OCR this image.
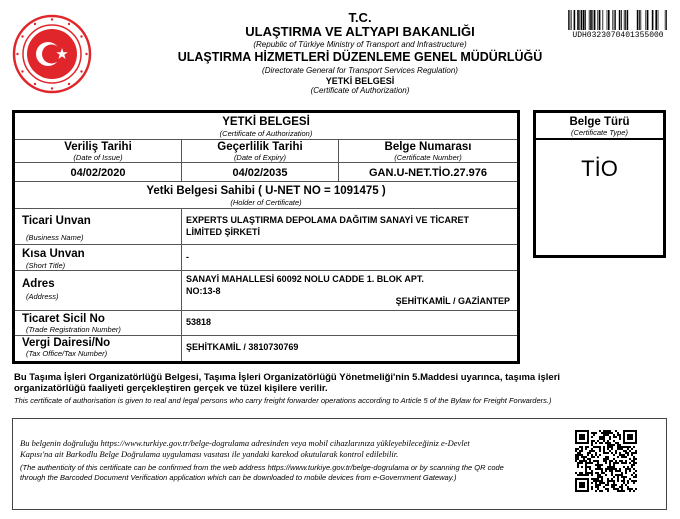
T.C.
ULAŞTIRMA VE ALTYAPI BAKANLIĞI
(Republic of Türkiye Ministry of Transport and Infrastructure)
ULAŞTIRMA HİZMETLERİ DÜZENLEME GENEL MÜDÜRLÜĞÜ
(Directorate General for Transport Services Regulation)
YETKİ BELGESİ
(Certificate of Authorization)
UDH0323070401355000
YETKİ BELGESİ
(Certificate of Authorization)
Veriliş Tarihi
(Date of Issue)
Geçerlilik Tarihi
(Date of Expiry)
Belge Numarası
(Certificate Number)
04/02/2020	04/02/2035	GAN.U-NET.TİO.27.976
Yetki Belgesi Sahibi ( U-NET NO = 1091475 )
(Holder of Certificate)
Ticari Unvan
(Business Name)
EXPERTS ULAŞTIRMA DEPOLAMA DAĞITIM SANAYİ VE TİCARET
LİMİTED ŞİRKETİ
Kısa Unvan
(Short Title)
-
Adres
(Address)
SANAYİ MAHALLESİ 60092 NOLU CADDE 1. BLOK APT.
NO:13-8
ŞEHİTKAMİL / GAZİANTEP
Ticaret Sicil No
(Trade Registration Number)
53818
Vergi Dairesi/No
(Tax Office/Tax Number)
ŞEHİTKAMİL / 3810730769
Belge Türü
(Certificate Type)
TİO
Bu Taşıma İşleri Organizatörlüğü Belgesi, Taşıma İşleri Organizatörlüğü Yönetmeliği'nin 5.Maddesi uyarınca, taşıma işleri
organizatörlüğü faaliyeti gerçekleştiren gerçek ve tüzel kişilere verilir.
This certificate of authorisation is given to real and legal persons who carry freight forwarder operations according to Article 5 of the Bylaw for Freight Forwarders.)
Bu belgenin doğruluğu https://www.turkiye.gov.tr/belge-dogrulama adresinden veya mobil cihazlarınıza yükleyebileceğiniz e-Devlet
Kapısı'na ait Barkodlu Belge Doğrulama uygulaması vasıtası ile yandaki karekod okutularak kontrol edilebilir.
(The authenticity of this certificate can be confirmed from the web address https://www.turkiye.gov.tr/belge-dogrulama or by scanning the QR code
through the Barcoded Document Verification application which can be downloaded to mobile devices from e-Government Gateway.)
